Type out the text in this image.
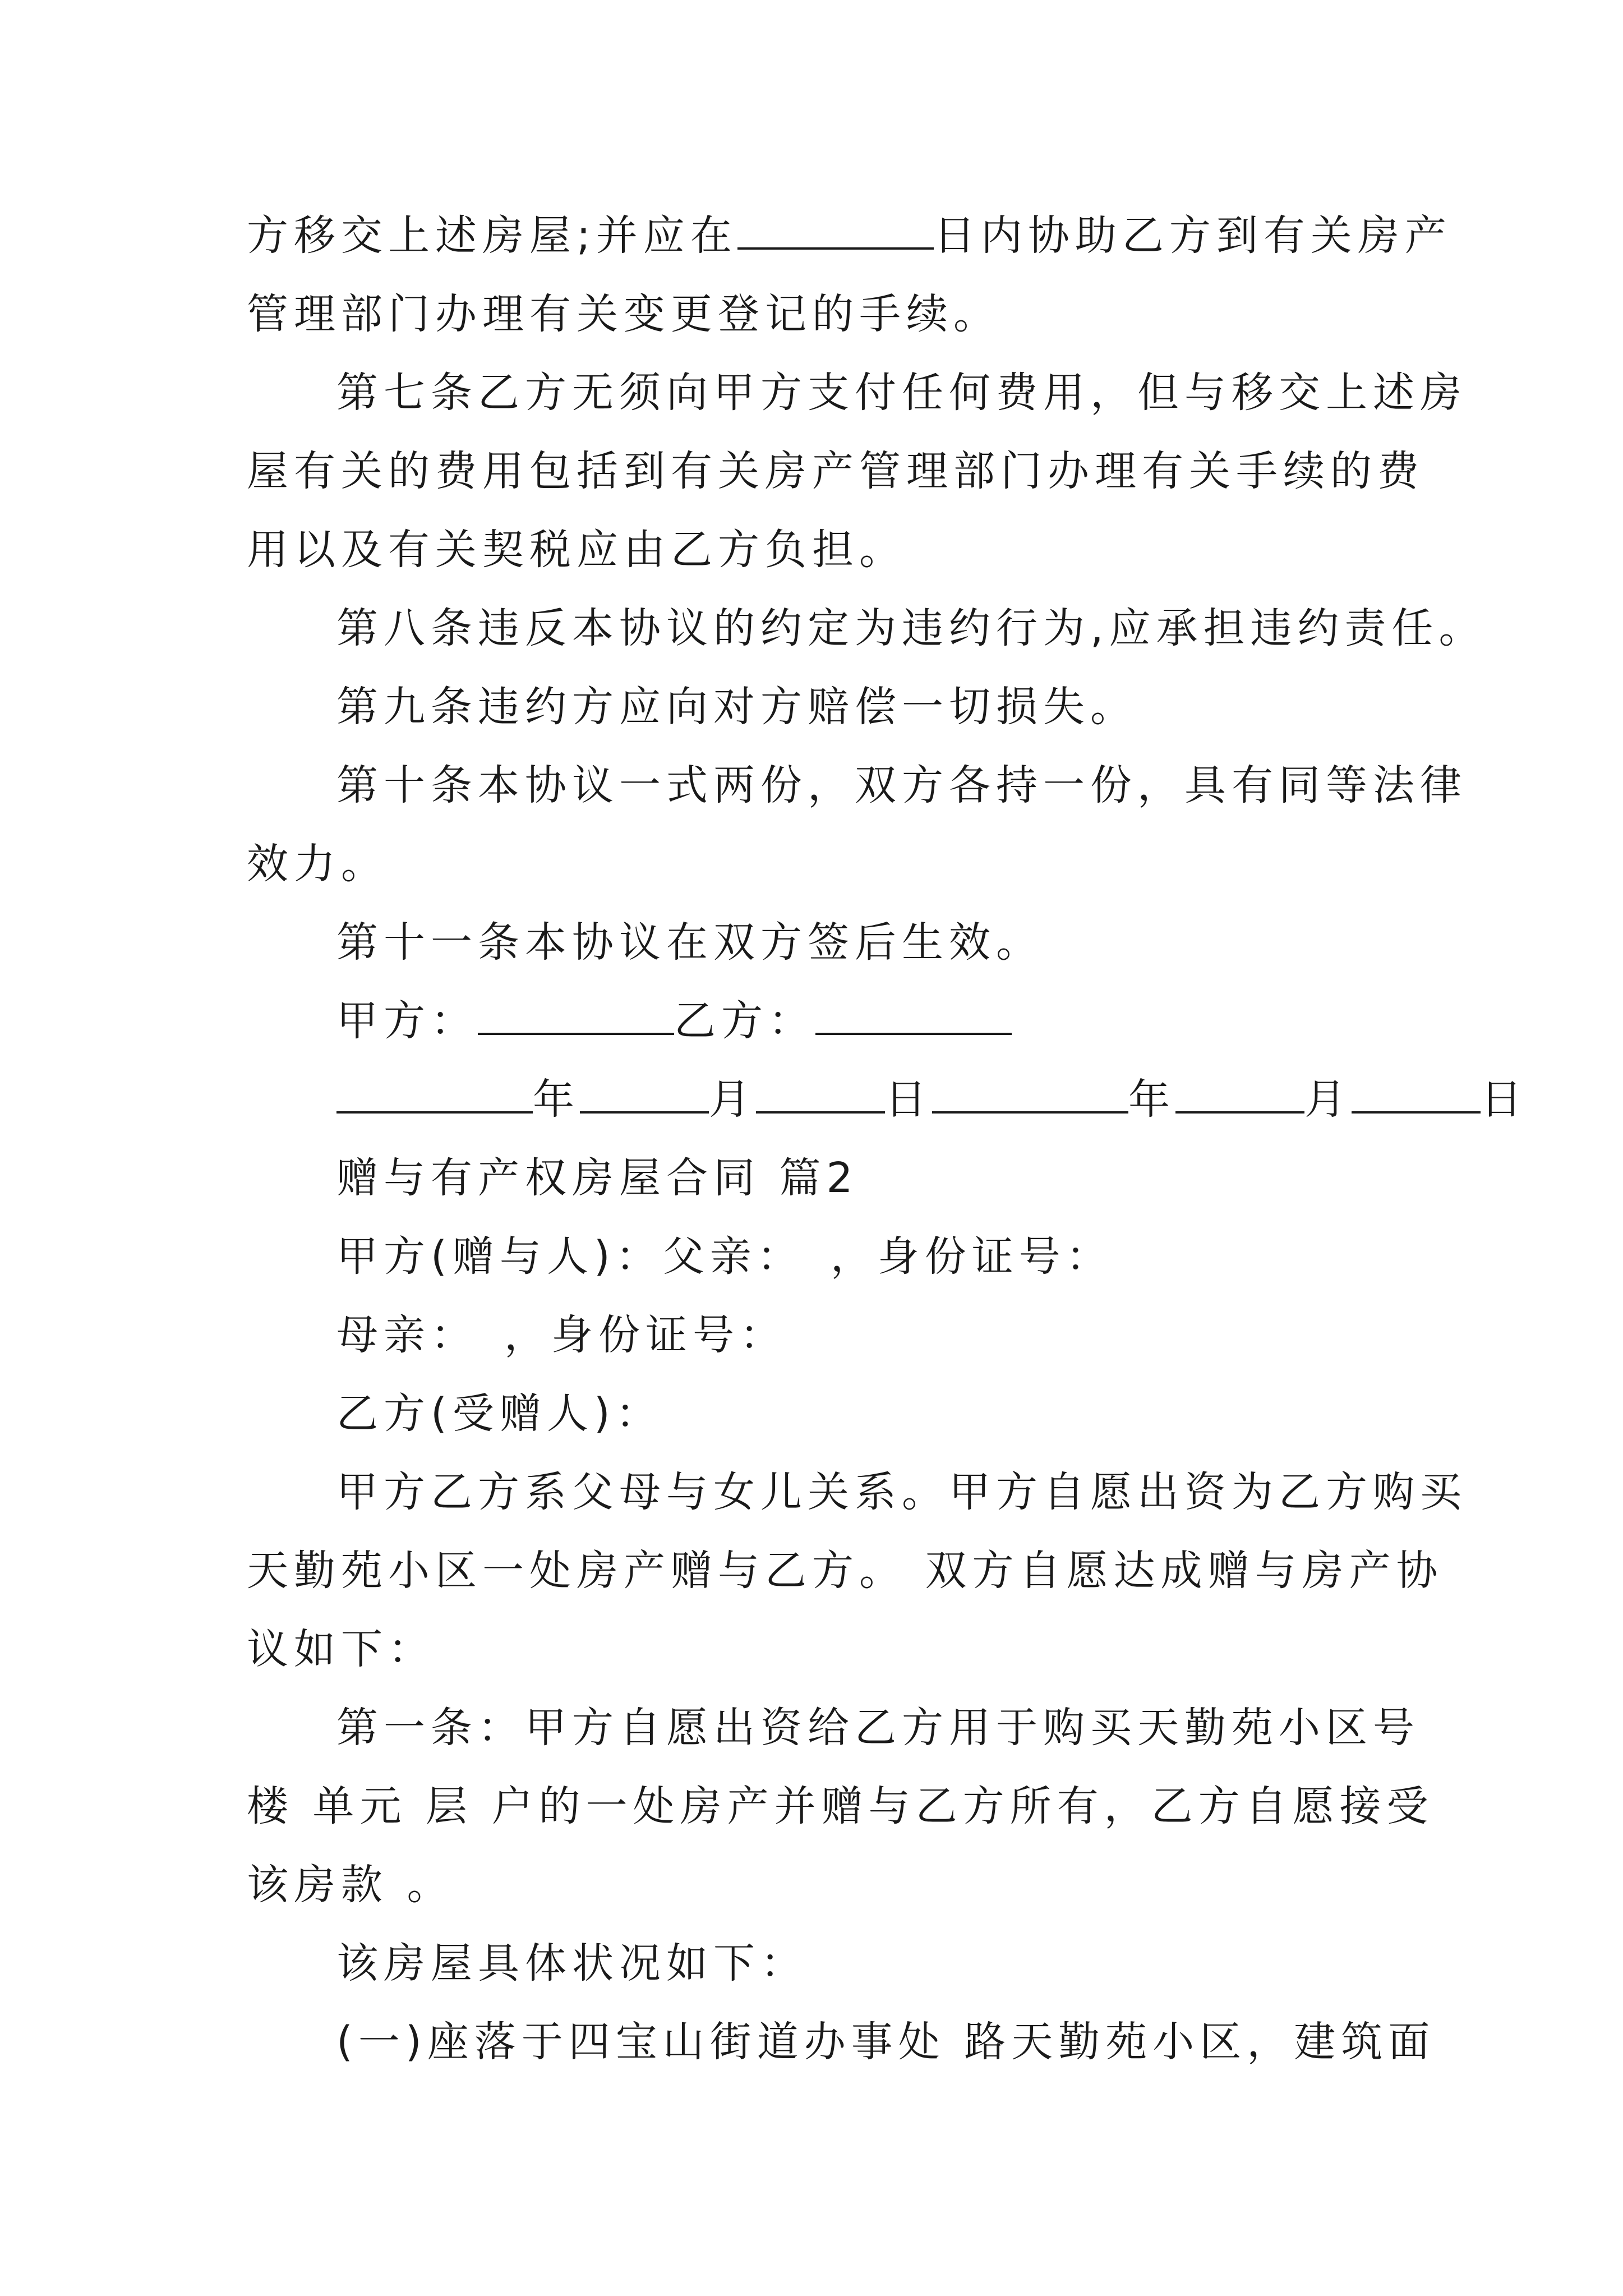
方移交上述房屋;并应在	日内协助乙方到有关房产
管理部门办理有关变更登记的手续。
第七条乙方无须向甲方支付任何费用，但与移交上述房
屋有关的费用包括到有关房产管理部门办理有关手续的费
用以及有关契税应由乙方负担。
第八条违反本协议的约定为违约行为,应承担违约责任。
第九条违约方应向对方赔偿一切损失。
第十条本协议一式两份，双方各持一份，具有同等法律
效力。
第十一条本协议在双方签后生效。
甲方：	乙方：
年	月	日	年	月	日
赠与有产权房屋合同 篇2
甲方(赠与人)：父亲：　，身份证号：
母亲：　，身份证号：
乙方(受赠人)：
甲方乙方系父母与女儿关系。甲方自愿出资为乙方购买
天勤苑小区一处房产赠与乙方。 双方自愿达成赠与房产协
议如下：
第一条：甲方自愿出资给乙方用于购买天勤苑小区号
楼 单元 层 户的一处房产并赠与乙方所有，乙方自愿接受
该房款 。
该房屋具体状况如下：
(一)座落于四宝山街道办事处 路天勤苑小区，建筑面
